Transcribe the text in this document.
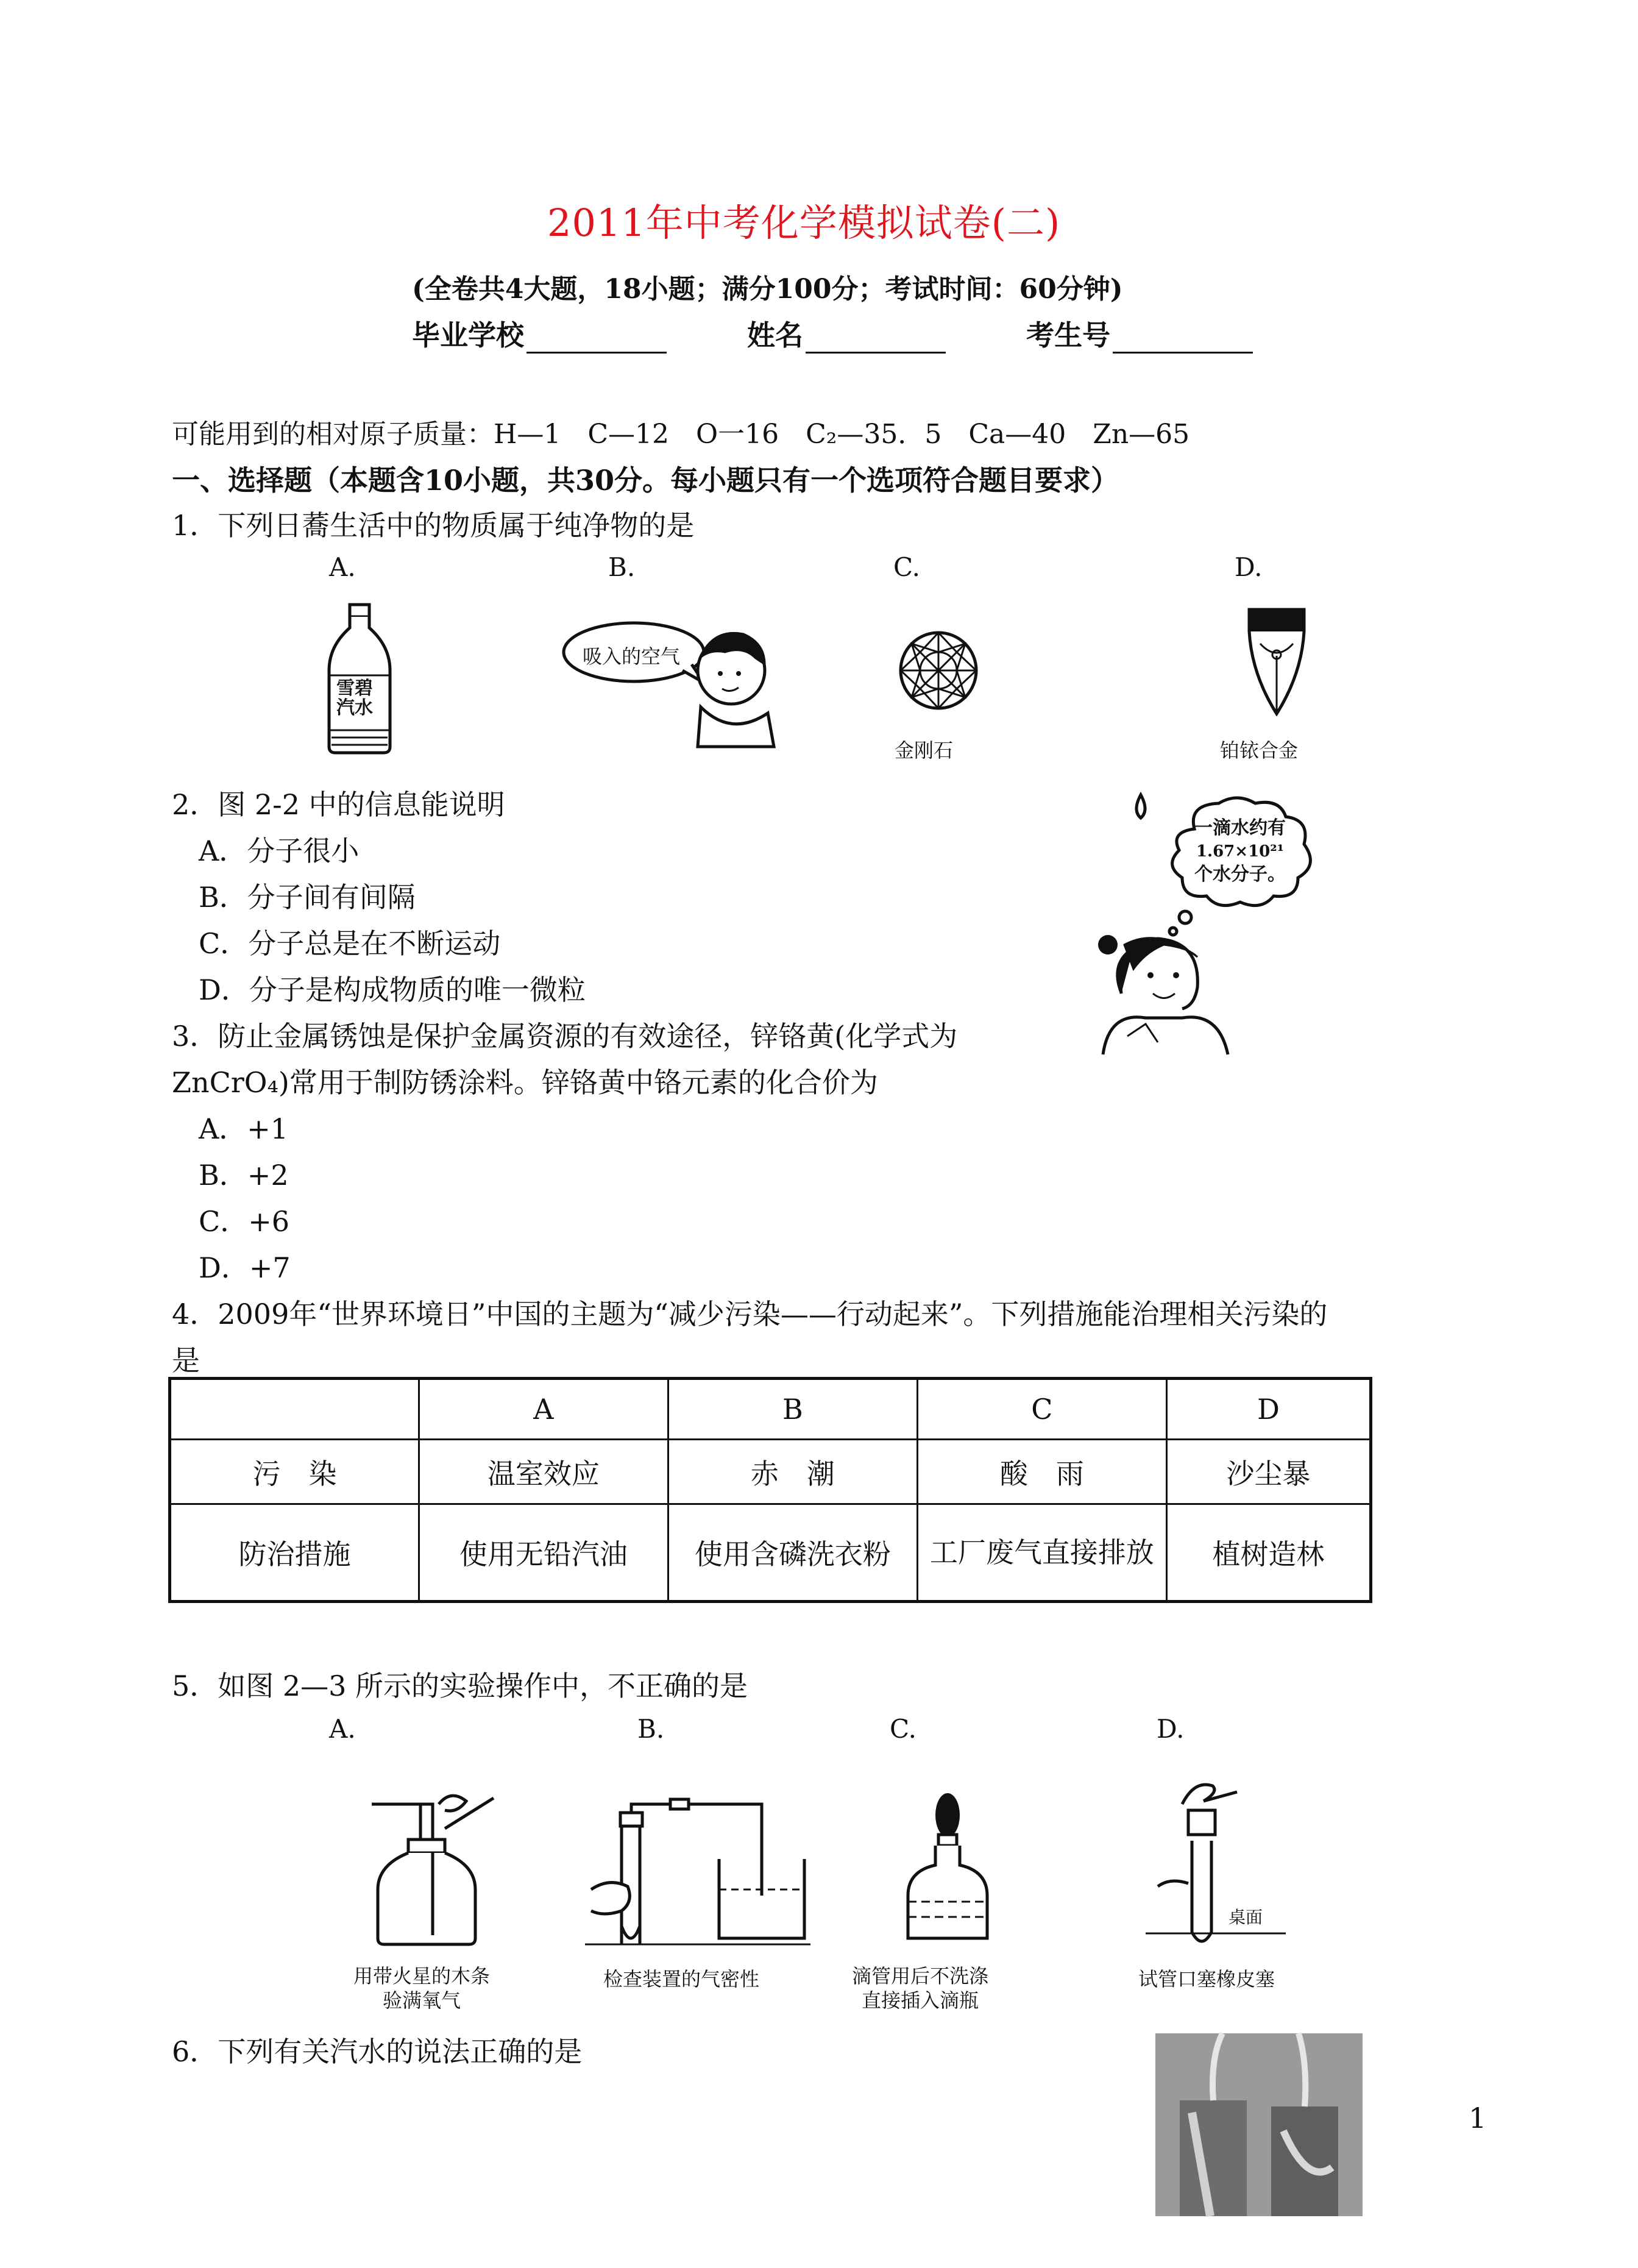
2011年中考化学模拟试卷(二)
(全卷共4大题，18小题；满分100分；考试时间：60分钟)
毕业学校	姓名	考生号
可能用到的相对原子质量：H—1　C—12　O一16　C₂—35．5　Ca—40　Zn—65
一、选择题（本题含10小题，共30分。每小题只有一个选项符合题目要求）
1．下列日蕎生活中的物质属于纯净物的是
A.	B.	C.	D.
雪碧
汽水
吸入的空气
金刚石	铂铱合金
2．图 2-2 中的信息能说明
A．分子很小
B．分子间有间隔
C．分子总是在不断运动
D．分子是构成物质的唯一微粒
一滴水约有
1.67×10²¹
个水分子。
3．防止金属锈蚀是保护金属资源的有效途径，锌铬黄(化学式为
ZnCrO₄)常用于制防锈涂料。锌铬黄中铬元素的化合价为
A．+1
B．+2
C．+6
D．+7
4．2009年“世界环境日”中国的主题为“减少污染——行动起来”。下列措施能治理相关污染的
是
	A	B	C	D
污　染	温室效应	赤　潮	酸　雨	沙尘暴
防治措施	使用无铅汽油	使用含磷洗衣粉	工厂废气直接排放	植树造林
5．如图 2—3 所示的实验操作中，不正确的是
A.	B.	C.	D.
用带火星的木条
验满氧气
检查装置的气密性	滴管用后不洗涤
直接插入滴瓶
桌面
试管口塞橡皮塞
6．下列有关汽水的说法正确的是
1
